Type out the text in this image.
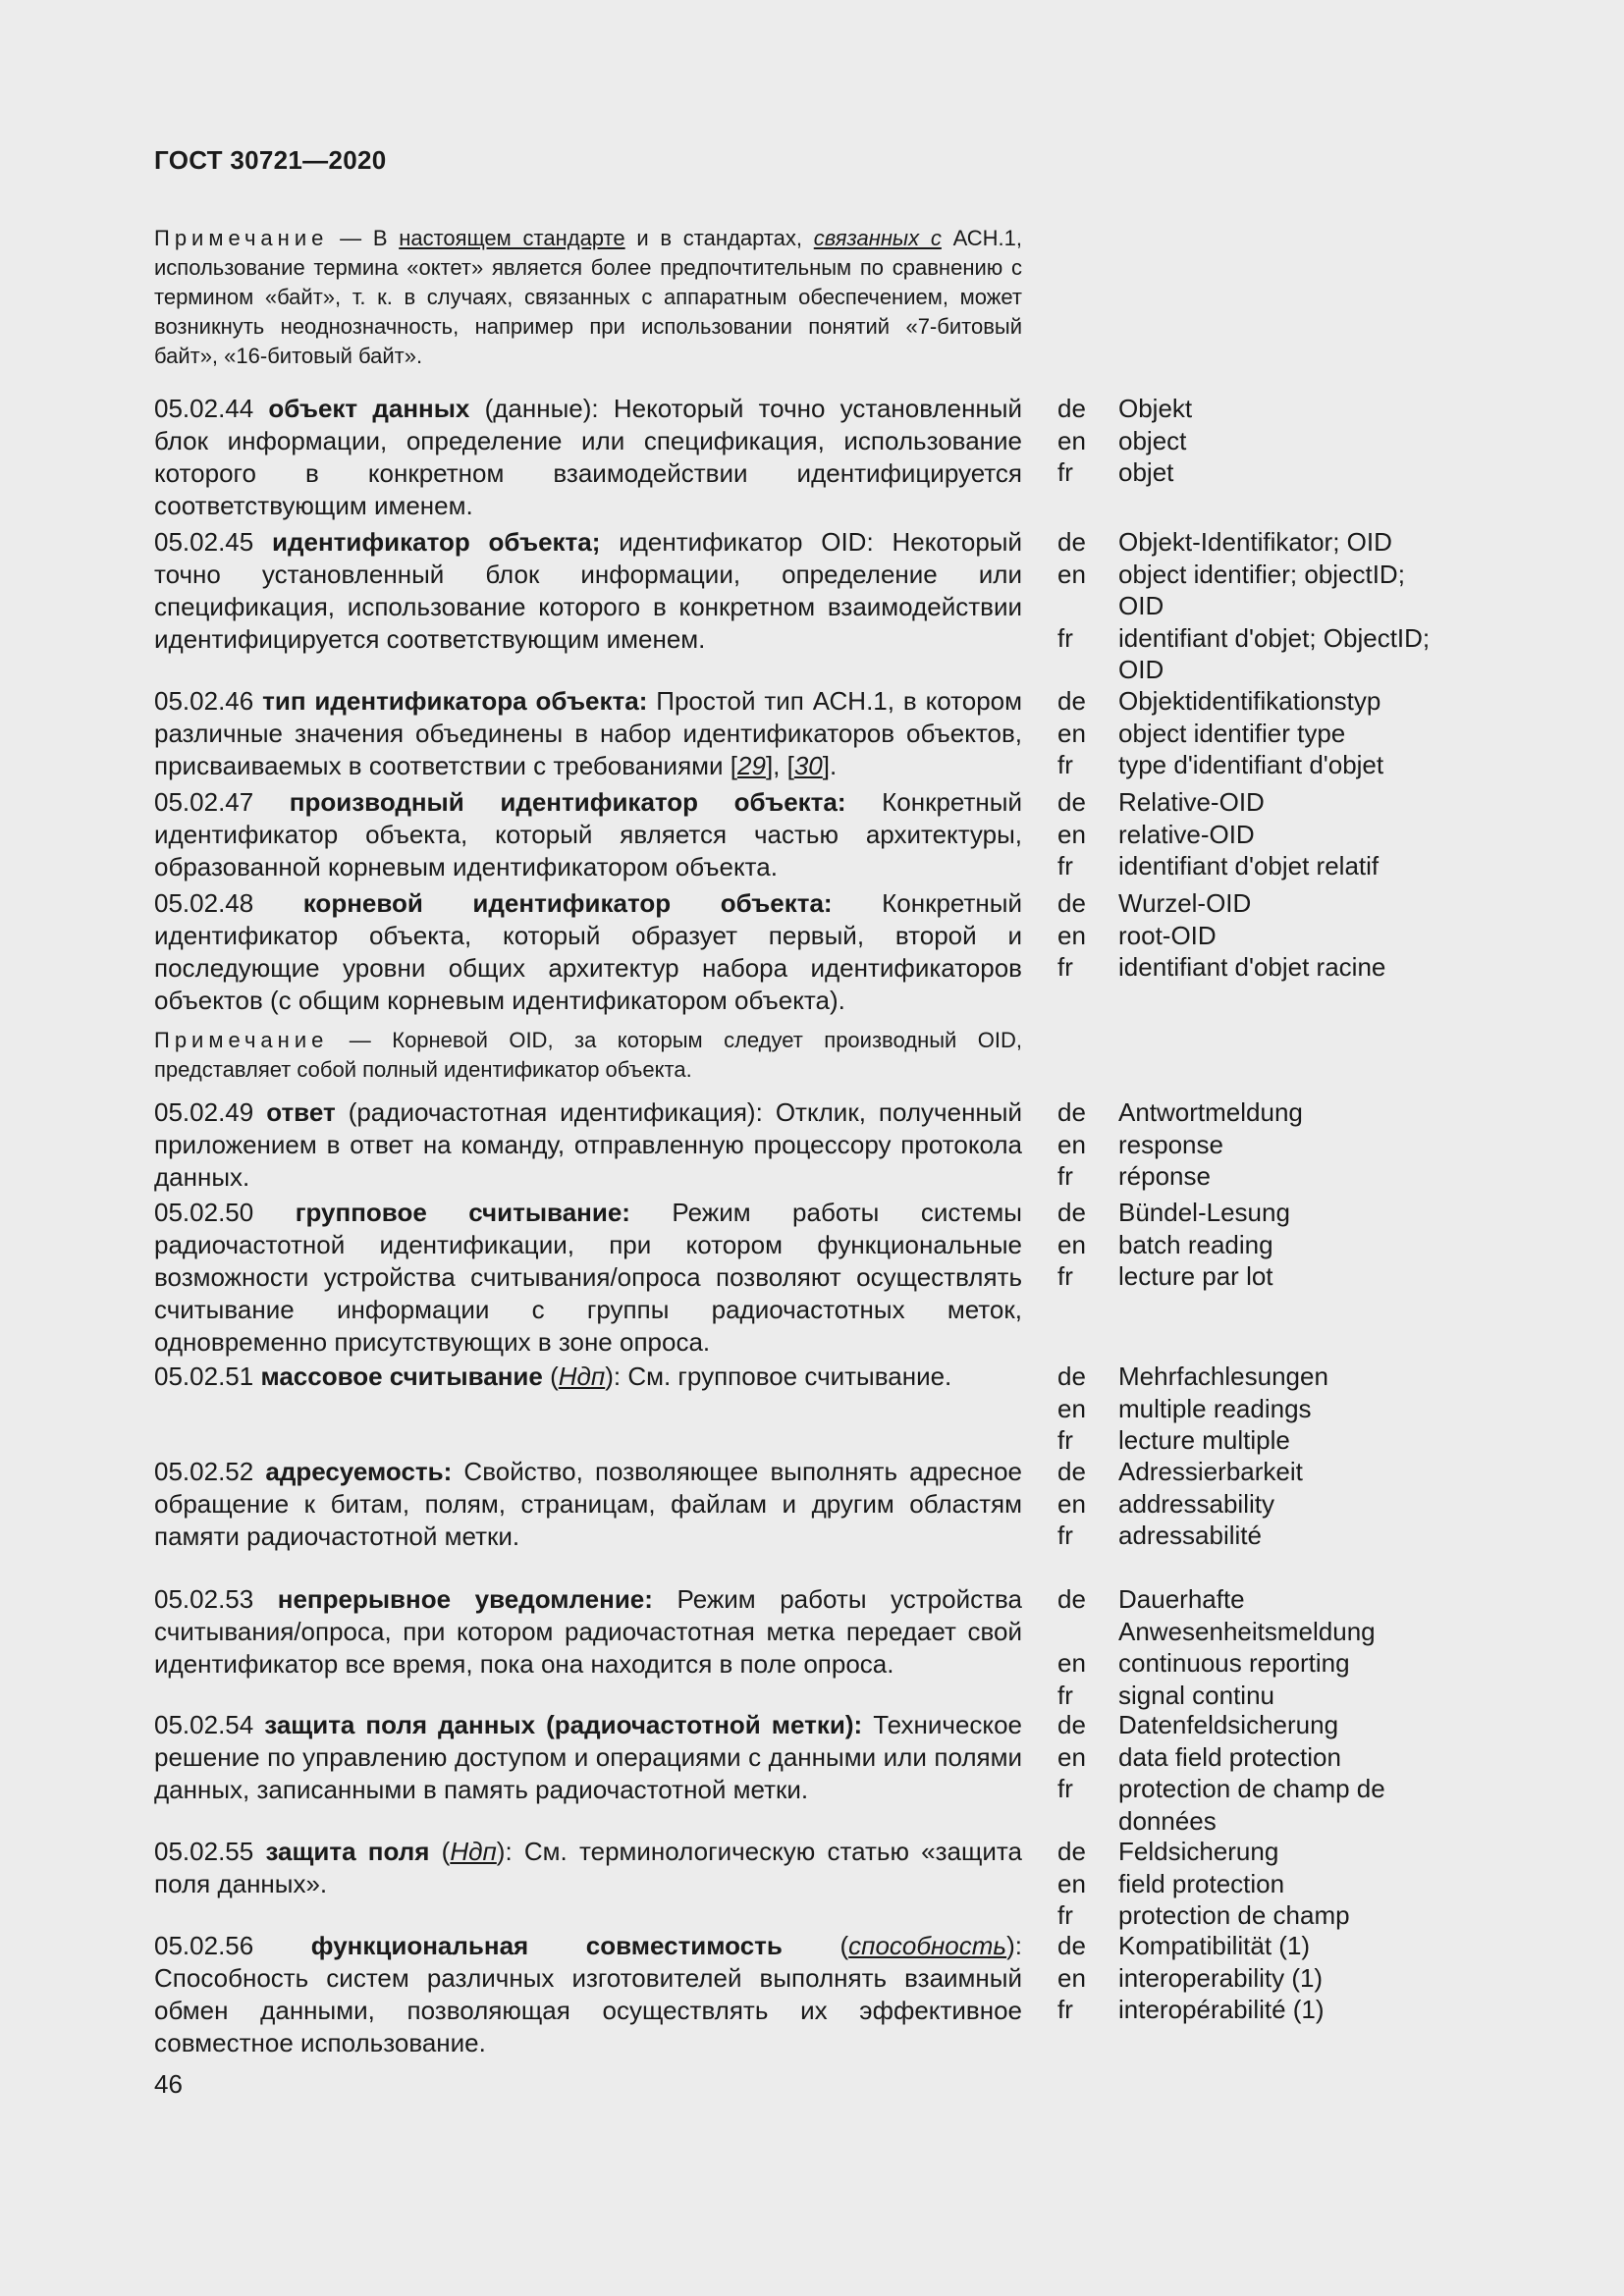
ГОСТ 30721—2020
Примечание — В настоящем стандарте и в стандартах, связанных с АСН.1, использование термина «октет» является более предпочтительным по сравнению с термином «байт», т. к. в случаях, связанных с аппаратным обеспечением, может возникнуть неоднозначность, например при использовании понятий «7-битовый байт», «16-битовый байт».
05.02.44 объект данных (данные): Некоторый точно установленный блок информации, определение или спецификация, использование которого в конкретном взаимодействии идентифицируется соответствующим именем.
de	Objekt
en	object
fr	objet
05.02.45 идентификатор объекта; идентификатор OID: Некоторый точно установленный блок информации, определение или спецификация, использование которого в конкретном взаимодействии идентифицируется соответствующим именем.
de	Objekt-Identifikator; OID
en	object identifier; objectID; OID
fr	identifiant d'objet; ObjectID; OID
05.02.46 тип идентификатора объекта: Простой тип АСН.1, в котором различные значения объединены в набор идентификаторов объектов, присваиваемых в соответствии с требованиями [29], [30].
de	Objektidentifikationstyp
en	object identifier type
fr	type d'identifiant d'objet
05.02.47 производный идентификатор объекта: Конкретный идентификатор объекта, который является частью архитектуры, образованной корневым идентификатором объекта.
de	Relative-OID
en	relative-OID
fr	identifiant d'objet relatif
05.02.48 корневой идентификатор объекта: Конкретный идентификатор объекта, который образует первый, второй и последующие уровни общих архитектур набора идентификаторов объектов (с общим корневым идентификатором объекта).
de	Wurzel-OID
en	root-OID
fr	identifiant d'objet racine
Примечание — Корневой OID, за которым следует производный OID, представляет собой полный идентификатор объекта.
05.02.49 ответ (радиочастотная идентификация): Отклик, полученный приложением в ответ на команду, отправленную процессору протокола данных.
de	Antwortmeldung
en	response
fr	réponse
05.02.50 групповое считывание: Режим работы системы радиочастотной идентификации, при котором функциональные возможности устройства считывания/опроса позволяют осуществлять считывание информации с группы радиочастотных меток, одновременно присутствующих в зоне опроса.
de	Bündel-Lesung
en	batch reading
fr	lecture par lot
05.02.51 массовое считывание (Ндп): См. групповое считывание.	de	Mehrfachlesungen
en	multiple readings
fr	lecture multiple
05.02.52 адресуемость: Свойство, позволяющее выполнять адресное обращение к битам, полям, страницам, файлам и другим областям памяти радиочастотной метки.
de	Adressierbarkeit
en	addressability
fr	adressabilité
05.02.53 непрерывное уведомление: Режим работы устройства считывания/опроса, при котором радиочастотная метка передает свой идентификатор все время, пока она находится в поле опроса.
de	Dauerhafte Anwesenheitsmeldung
en	continuous reporting
fr	signal continu
05.02.54 защита поля данных (радиочастотной метки): Техническое решение по управлению доступом и операциями с данными или полями данных, записанными в память радиочастотной метки.
de	Datenfeldsicherung
en	data field protection
fr	protection de champ de données
05.02.55 защита поля (Ндп): См. терминологическую статью «защита поля данных».
de	Feldsicherung
en	field protection
fr	protection de champ
05.02.56 функциональная совместимость (способность): Способность систем различных изготовителей выполнять взаимный обмен данными, позволяющая осуществлять их эффективное совместное использование.
de	Kompatibilität (1)
en	interoperability (1)
fr	interopérabilité (1)
46
